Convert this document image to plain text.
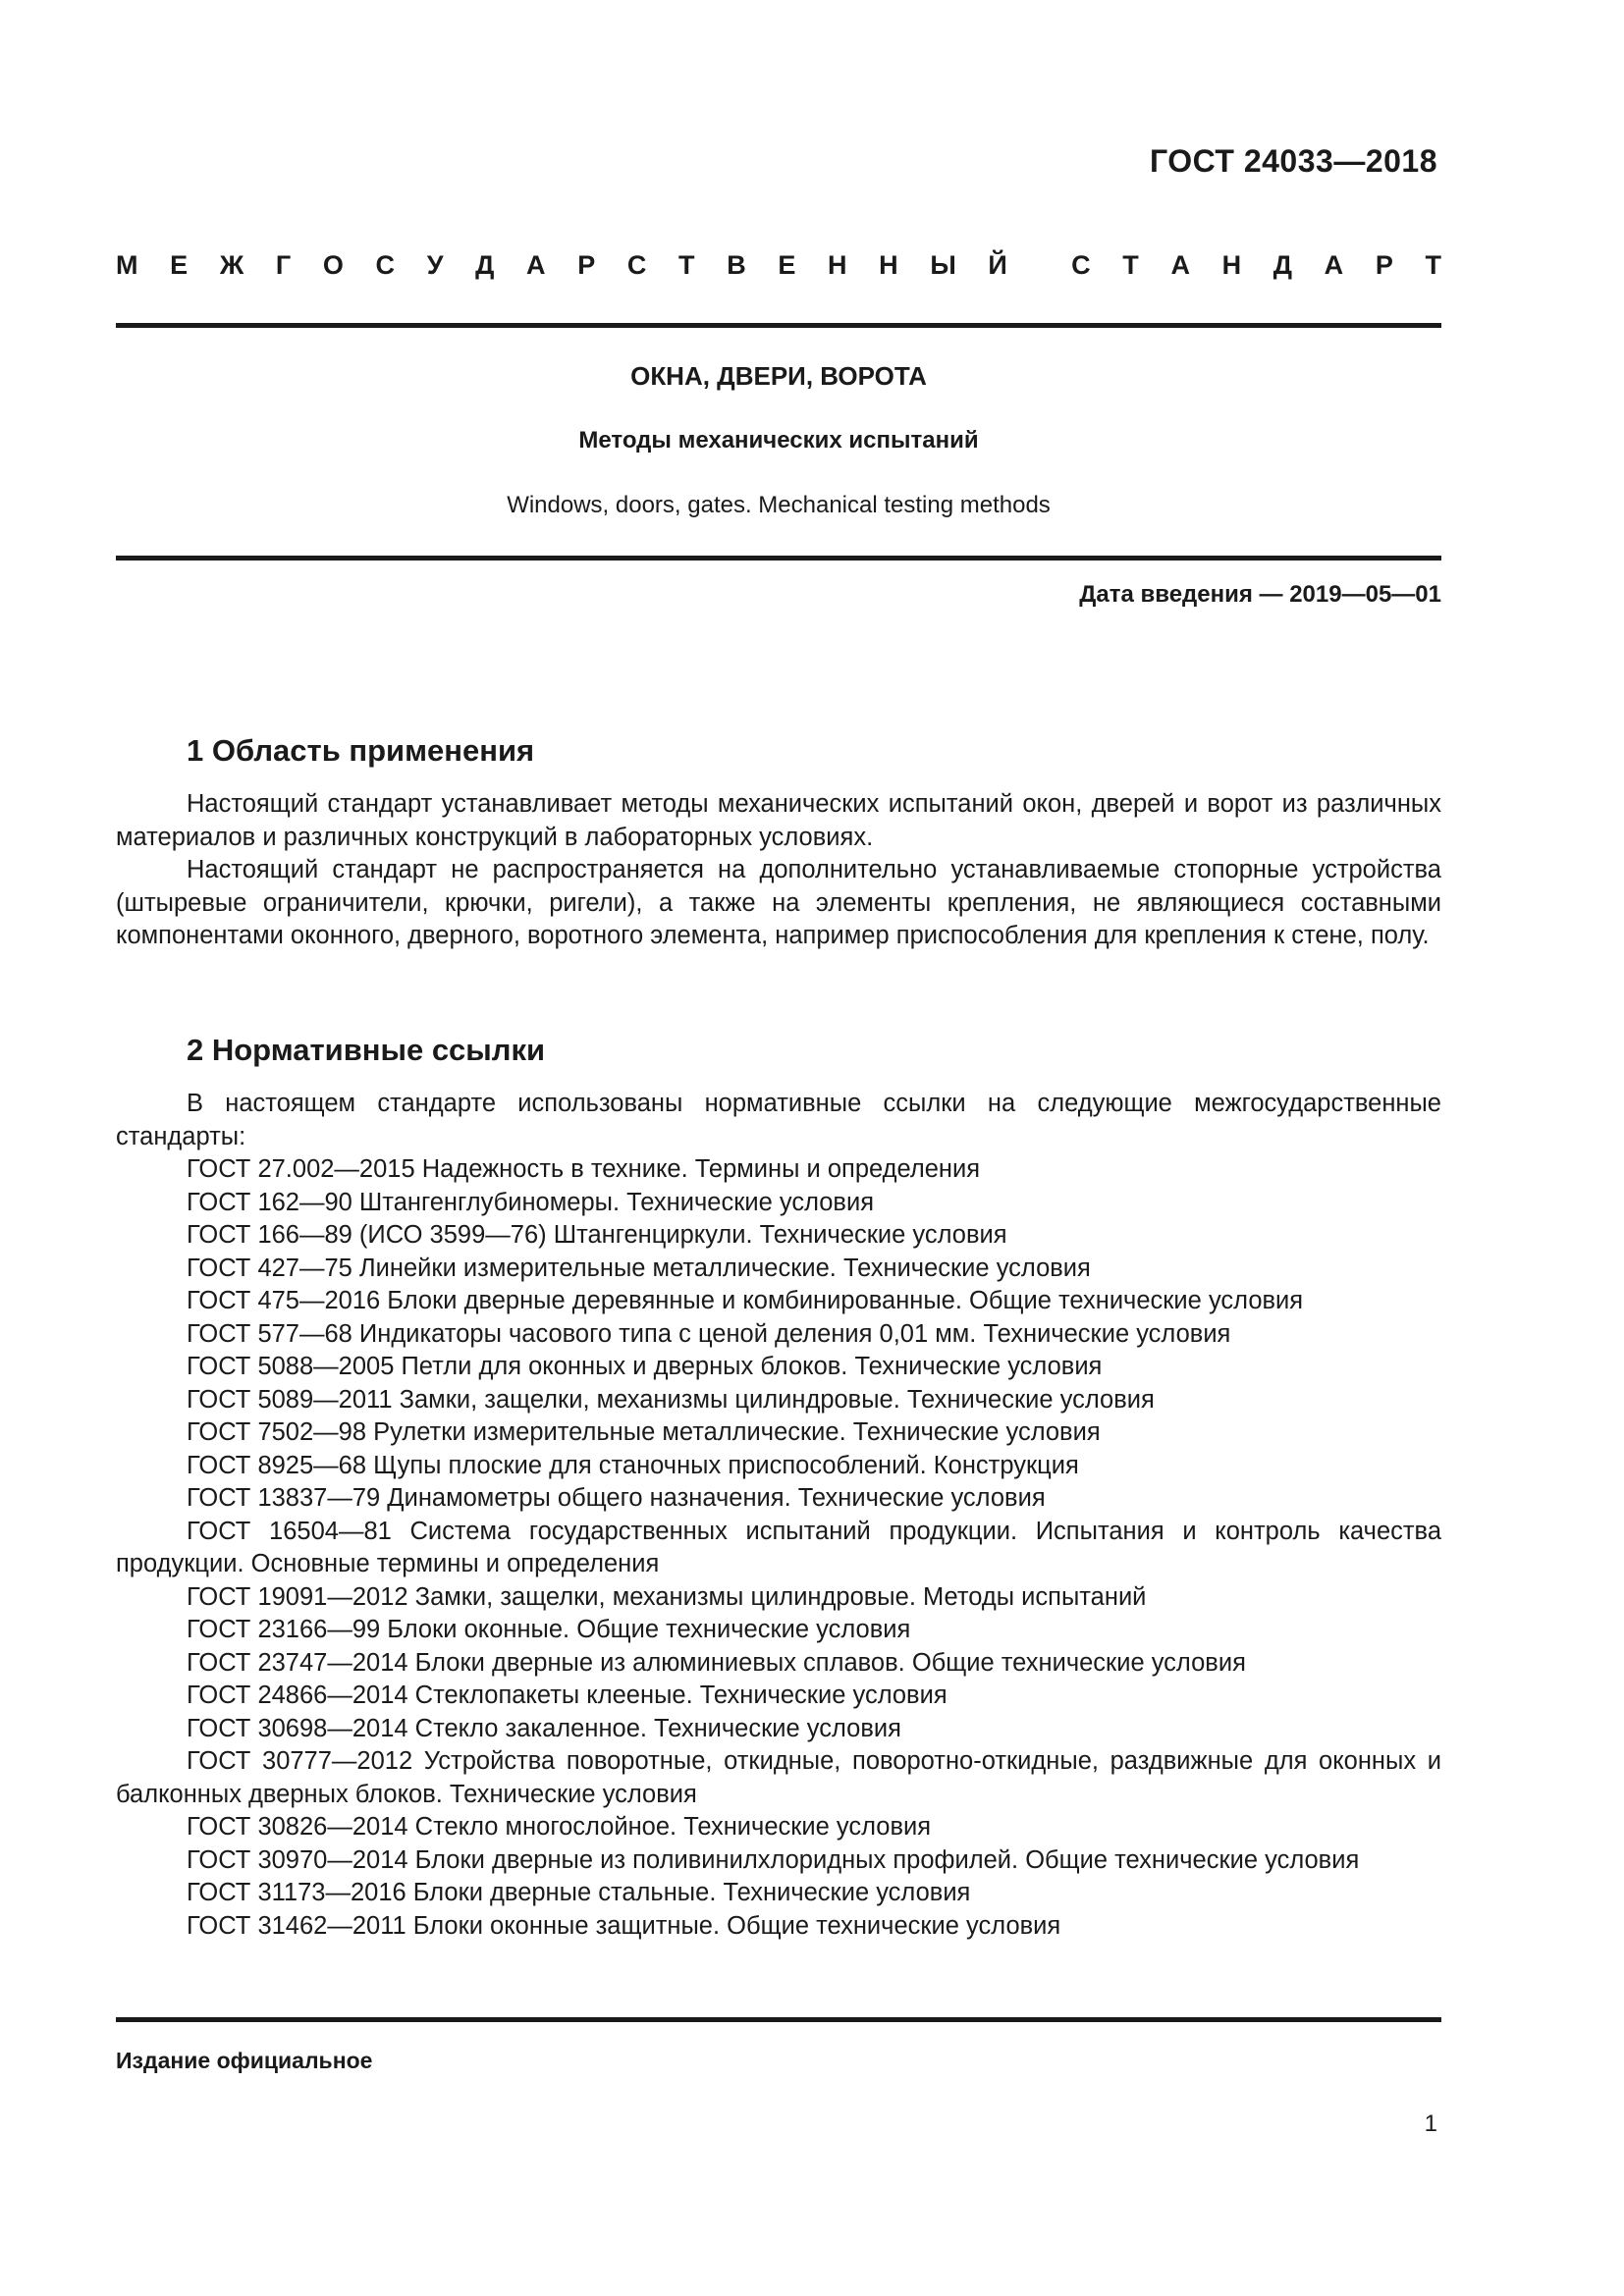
ГОСТ 24033—2018
М Е Ж Г О С У Д А Р С Т В Е Н Н Ы Й С Т А Н Д А Р Т
ОКНА, ДВЕРИ, ВОРОТА
Методы механических испытаний
Windows, doors, gates. Mechanical testing methods
Дата введения — 2019—05—01
1 Область применения

Настоящий стандарт устанавливает методы механических испытаний окон, дверей и ворот из различных материалов и различных конструкций в лабораторных условиях.

Настоящий стандарт не распространяется на дополнительно устанавливаемые стопорные устройства (штыревые ограничители, крючки, ригели), а также на элементы крепления, не являющиеся составными компонентами оконного, дверного, воротного элемента, например приспособления для крепления к стене, полу.

2 Нормативные ссылки

В настоящем стандарте использованы нормативные ссылки на следующие межгосударственные стандарты:

ГОСТ 27.002—2015 Надежность в технике. Термины и определения

ГОСТ 162—90 Штангенглубиномеры. Технические условия

ГОСТ 166—89 (ИСО 3599—76) Штангенциркули. Технические условия

ГОСТ 427—75 Линейки измерительные металлические. Технические условия

ГОСТ 475—2016 Блоки дверные деревянные и комбинированные. Общие технические условия

ГОСТ 577—68 Индикаторы часового типа с ценой деления 0,01 мм. Технические условия

ГОСТ 5088—2005 Петли для оконных и дверных блоков. Технические условия

ГОСТ 5089—2011 Замки, защелки, механизмы цилиндровые. Технические условия

ГОСТ 7502—98 Рулетки измерительные металлические. Технические условия

ГОСТ 8925—68 Щупы плоские для станочных приспособлений. Конструкция

ГОСТ 13837—79 Динамометры общего назначения. Технические условия

ГОСТ 16504—81 Система государственных испытаний продукции. Испытания и контроль качества продукции. Основные термины и определения

ГОСТ 19091—2012 Замки, защелки, механизмы цилиндровые. Методы испытаний

ГОСТ 23166—99 Блоки оконные. Общие технические условия

ГОСТ 23747—2014 Блоки дверные из алюминиевых сплавов. Общие технические условия

ГОСТ 24866—2014 Стеклопакеты клееные. Технические условия

ГОСТ 30698—2014 Стекло закаленное. Технические условия

ГОСТ 30777—2012 Устройства поворотные, откидные, поворотно-откидные, раздвижные для оконных и балконных дверных блоков. Технические условия

ГОСТ 30826—2014 Стекло многослойное. Технические условия

ГОСТ 30970—2014 Блоки дверные из поливинилхлоридных профилей. Общие технические условия

ГОСТ 31173—2016 Блоки дверные стальные. Технические условия

ГОСТ 31462—2011 Блоки оконные защитные. Общие технические условия

Издание официальное
1
